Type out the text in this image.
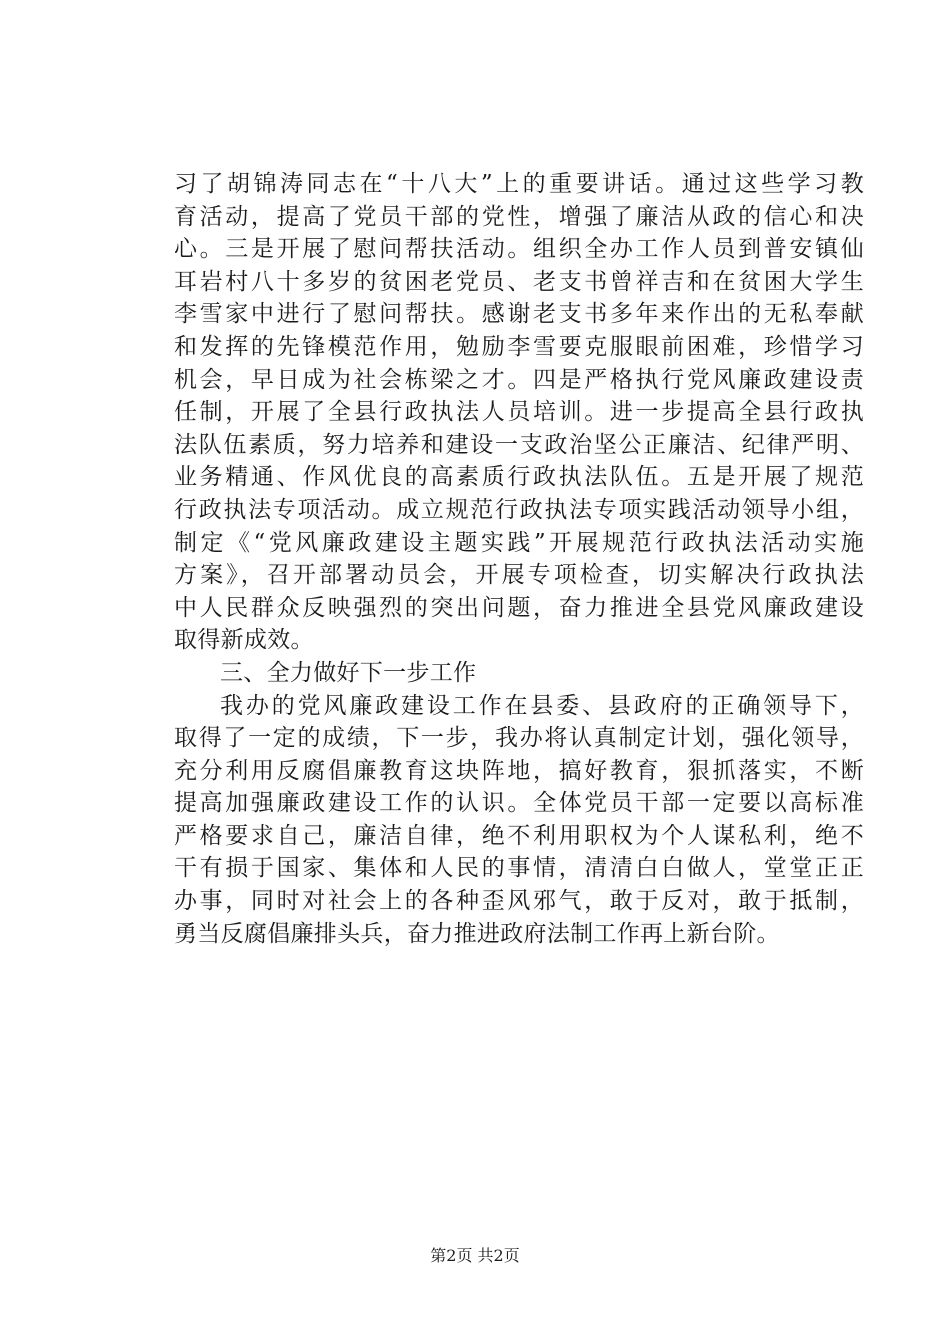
习了胡锦涛同志在“十八大”上的重要讲话。通过这些学习教
育活动，提高了党员干部的党性，增强了廉洁从政的信心和决
心。三是开展了慰问帮扶活动。组织全办工作人员到普安镇仙
耳岩村八十多岁的贫困老党员、老支书曾祥吉和在贫困大学生
李雪家中进行了慰问帮扶。感谢老支书多年来作出的无私奉献
和发挥的先锋模范作用，勉励李雪要克服眼前困难，珍惜学习
机会，早日成为社会栋梁之才。四是严格执行党风廉政建设责
任制，开展了全县行政执法人员培训。进一步提高全县行政执
法队伍素质，努力培养和建设一支政治坚公正廉洁、纪律严明、
业务精通、作风优良的高素质行政执法队伍。五是开展了规范
行政执法专项活动。成立规范行政执法专项实践活动领导小组，
制定《“党风廉政建设主题实践”开展规范行政执法活动实施
方案》，召开部署动员会，开展专项检查，切实解决行政执法
中人民群众反映强烈的突出问题，奋力推进全县党风廉政建设
取得新成效。
三、全力做好下一步工作
我办的党风廉政建设工作在县委、县政府的正确领导下，
取得了一定的成绩，下一步，我办将认真制定计划，强化领导，
充分利用反腐倡廉教育这块阵地，搞好教育，狠抓落实，不断
提高加强廉政建设工作的认识。全体党员干部一定要以高标准
严格要求自己，廉洁自律，绝不利用职权为个人谋私利，绝不
干有损于国家、集体和人民的事情，清清白白做人，堂堂正正
办事，同时对社会上的各种歪风邪气，敢于反对，敢于抵制，
勇当反腐倡廉排头兵，奋力推进政府法制工作再上新台阶。
第2页 共2页
